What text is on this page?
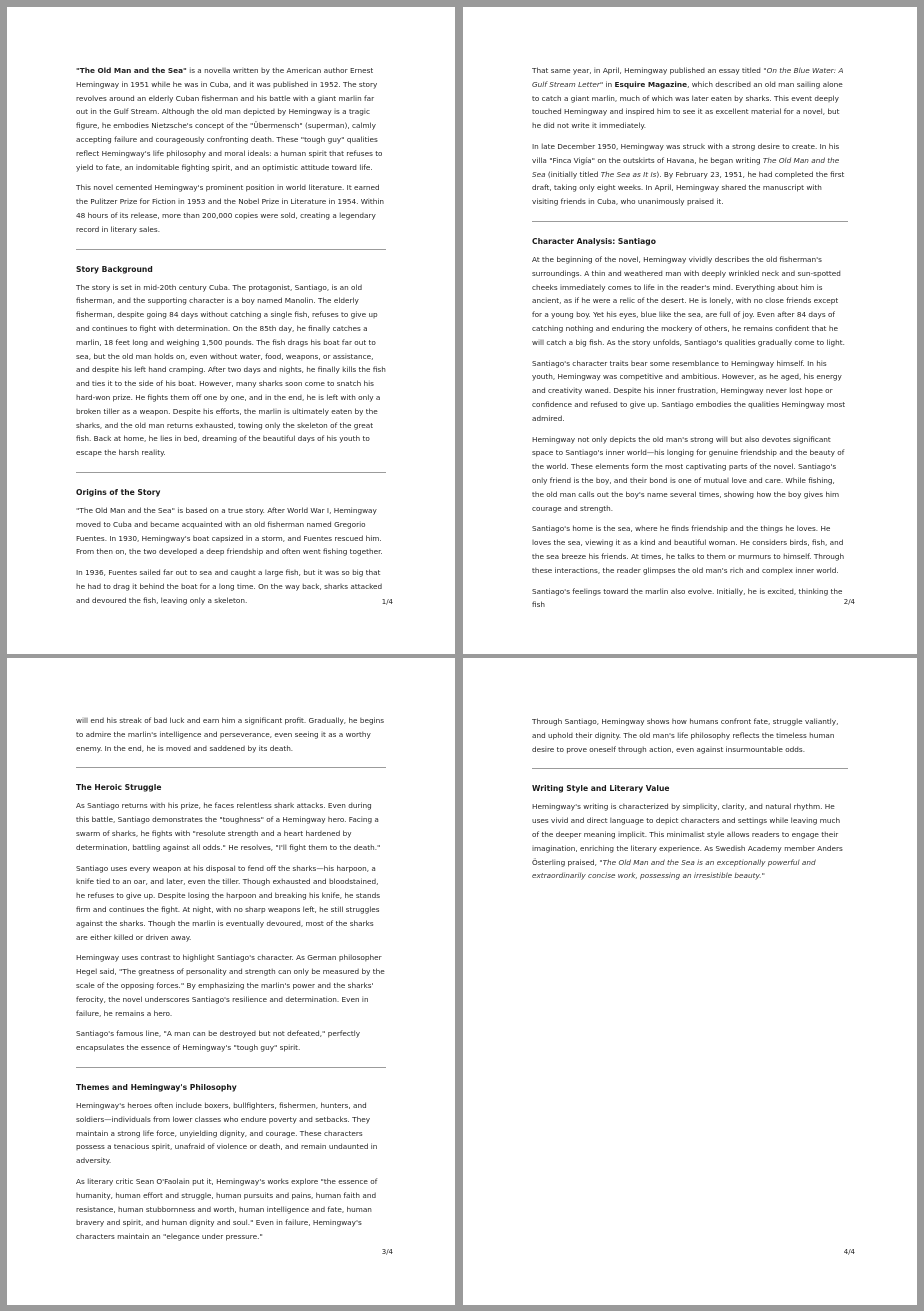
"The Old Man and the Sea" is a novella written by the American author Ernest Hemingway in 1951 while he was in Cuba, and it was published in 1952. The story revolves around an elderly Cuban fisherman and his battle with a giant marlin far out in the Gulf Stream. Although the old man depicted by Hemingway is a tragic figure, he embodies Nietzsche's concept of the "Übermensch" (superman), calmly accepting failure and courageously confronting death. These "tough guy" qualities reflect Hemingway's life philosophy and moral ideals: a human spirit that refuses to yield to fate, an indomitable fighting spirit, and an optimistic attitude toward life.

This novel cemented Hemingway's prominent position in world literature. It earned the Pulitzer Prize for Fiction in 1953 and the Nobel Prize in Literature in 1954. Within 48 hours of its release, more than 200,000 copies were sold, creating a legendary record in literary sales.

Story Background

The story is set in mid-20th century Cuba. The protagonist, Santiago, is an old fisherman, and the supporting character is a boy named Manolin. The elderly fisherman, despite going 84 days without catching a single fish, refuses to give up and continues to fight with determination. On the 85th day, he finally catches a marlin, 18 feet long and weighing 1,500 pounds. The fish drags his boat far out to sea, but the old man holds on, even without water, food, weapons, or assistance, and despite his left hand cramping. After two days and nights, he finally kills the fish and ties it to the side of his boat. However, many sharks soon come to snatch his hard-won prize. He fights them off one by one, and in the end, he is left with only a broken tiller as a weapon. Despite his efforts, the marlin is ultimately eaten by the sharks, and the old man returns exhausted, towing only the skeleton of the great fish. Back at home, he lies in bed, dreaming of the beautiful days of his youth to escape the harsh reality.

Origins of the Story

"The Old Man and the Sea" is based on a true story. After World War I, Hemingway moved to Cuba and became acquainted with an old fisherman named Gregorio Fuentes. In 1930, Hemingway's boat capsized in a storm, and Fuentes rescued him. From then on, the two developed a deep friendship and often went fishing together.

In 1936, Fuentes sailed far out to sea and caught a large fish, but it was so big that he had to drag it behind the boat for a long time. On the way back, sharks attacked and devoured the fish, leaving only a skeleton.	1/4

That same year, in April, Hemingway published an essay titled "On the Blue Water: A Gulf Stream Letter" in Esquire Magazine, which described an old man sailing alone to catch a giant marlin, much of which was later eaten by sharks. This event deeply touched Hemingway and inspired him to see it as excellent material for a novel, but he did not write it immediately.

In late December 1950, Hemingway was struck with a strong desire to create. In his villa "Finca Vigía" on the outskirts of Havana, he began writing The Old Man and the Sea (initially titled The Sea as It Is). By February 23, 1951, he had completed the first draft, taking only eight weeks. In April, Hemingway shared the manuscript with visiting friends in Cuba, who unanimously praised it.

Character Analysis: Santiago

At the beginning of the novel, Hemingway vividly describes the old fisherman's surroundings. A thin and weathered man with deeply wrinkled neck and sun-spotted cheeks immediately comes to life in the reader's mind. Everything about him is ancient, as if he were a relic of the desert. He is lonely, with no close friends except for a young boy. Yet his eyes, blue like the sea, are full of joy. Even after 84 days of catching nothing and enduring the mockery of others, he remains confident that he will catch a big fish. As the story unfolds, Santiago's qualities gradually come to light.

Santiago's character traits bear some resemblance to Hemingway himself. In his youth, Hemingway was competitive and ambitious. However, as he aged, his energy and creativity waned. Despite his inner frustration, Hemingway never lost hope or confidence and refused to give up. Santiago embodies the qualities Hemingway most admired.

Hemingway not only depicts the old man's strong will but also devotes significant space to Santiago's inner world—his longing for genuine friendship and the beauty of the world. These elements form the most captivating parts of the novel. Santiago's only friend is the boy, and their bond is one of mutual love and care. While fishing, the old man calls out the boy's name several times, showing how the boy gives him courage and strength.

Santiago's home is the sea, where he finds friendship and the things he loves. He loves the sea, viewing it as a kind and beautiful woman. He considers birds, fish, and the sea breeze his friends. At times, he talks to them or murmurs to himself. Through these interactions, the reader glimpses the old man's rich and complex inner world.

Santiago's feelings toward the marlin also evolve. Initially, he is excited, thinking the fish	2/4

will end his streak of bad luck and earn him a significant profit. Gradually, he begins to admire the marlin's intelligence and perseverance, even seeing it as a worthy enemy. In the end, he is moved and saddened by its death.

The Heroic Struggle

As Santiago returns with his prize, he faces relentless shark attacks. Even during this battle, Santiago demonstrates the "toughness" of a Hemingway hero. Facing a swarm of sharks, he fights with "resolute strength and a heart hardened by determination, battling against all odds." He resolves, "I'll fight them to the death."

Santiago uses every weapon at his disposal to fend off the sharks—his harpoon, a knife tied to an oar, and later, even the tiller. Though exhausted and bloodstained, he refuses to give up. Despite losing the harpoon and breaking his knife, he stands firm and continues the fight. At night, with no sharp weapons left, he still struggles against the sharks. Though the marlin is eventually devoured, most of the sharks are either killed or driven away.

Hemingway uses contrast to highlight Santiago's character. As German philosopher Hegel said, "The greatness of personality and strength can only be measured by the scale of the opposing forces." By emphasizing the marlin's power and the sharks' ferocity, the novel underscores Santiago's resilience and determination. Even in failure, he remains a hero.

Santiago's famous line, "A man can be destroyed but not defeated," perfectly encapsulates the essence of Hemingway's "tough guy" spirit.

Themes and Hemingway's Philosophy

Hemingway's heroes often include boxers, bullfighters, fishermen, hunters, and soldiers—individuals from lower classes who endure poverty and setbacks. They maintain a strong life force, unyielding dignity, and courage. These characters possess a tenacious spirit, unafraid of violence or death, and remain undaunted in adversity.

As literary critic Sean O'Faolain put it, Hemingway's works explore "the essence of humanity, human effort and struggle, human pursuits and pains, human faith and resistance, human stubbornness and worth, human intelligence and fate, human bravery and spirit, and human dignity and soul." Even in failure, Hemingway's characters maintain an "elegance under pressure."

3/4

Through Santiago, Hemingway shows how humans confront fate, struggle valiantly, and uphold their dignity. The old man's life philosophy reflects the timeless human desire to prove oneself through action, even against insurmountable odds.

Writing Style and Literary Value

Hemingway's writing is characterized by simplicity, clarity, and natural rhythm. He uses vivid and direct language to depict characters and settings while leaving much of the deeper meaning implicit. This minimalist style allows readers to engage their imagination, enriching the literary experience. As Swedish Academy member Anders Österling praised, "The Old Man and the Sea is an exceptionally powerful and extraordinarily concise work, possessing an irresistible beauty."

4/4
